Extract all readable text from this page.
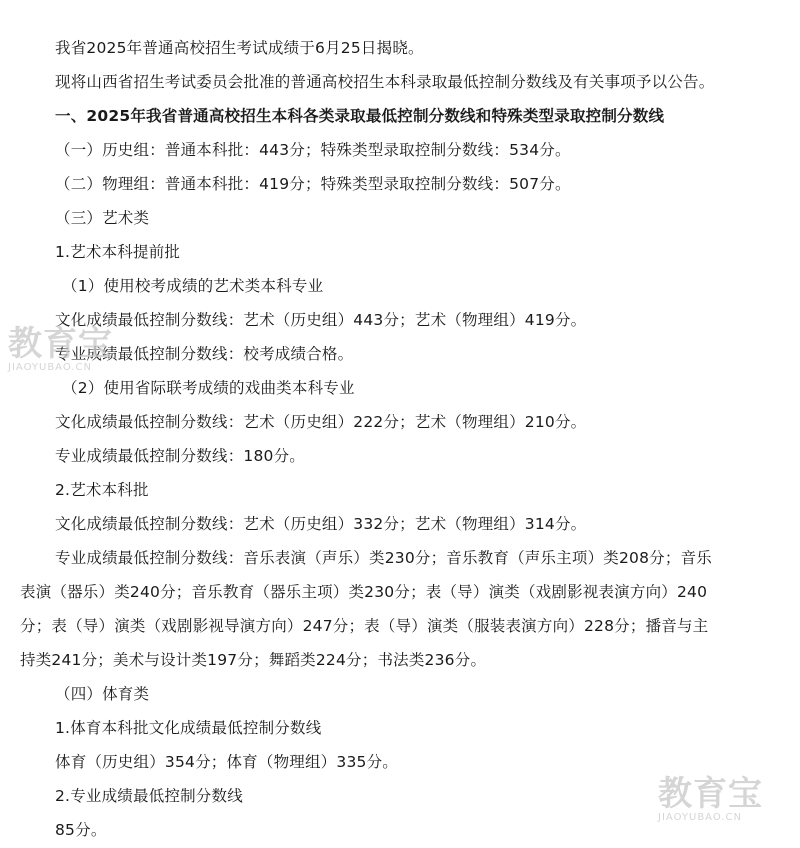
我省2025年普通高校招生考试成绩于6月25日揭晓。
现将山西省招生考试委员会批准的普通高校招生本科录取最低控制分数线及有关事项予以公告。
一、2025年我省普通高校招生本科各类录取最低控制分数线和特殊类型录取控制分数线
（一）历史组：普通本科批：443分；特殊类型录取控制分数线：534分。
（二）物理组：普通本科批：419分；特殊类型录取控制分数线：507分。
（三）艺术类
1.艺术本科提前批
（1）使用校考成绩的艺术类本科专业
文化成绩最低控制分数线：艺术（历史组）443分；艺术（物理组）419分。
专业成绩最低控制分数线：校考成绩合格。
（2）使用省际联考成绩的戏曲类本科专业
文化成绩最低控制分数线：艺术（历史组）222分；艺术（物理组）210分。
专业成绩最低控制分数线：180分。
2.艺术本科批
文化成绩最低控制分数线：艺术（历史组）332分；艺术（物理组）314分。
专业成绩最低控制分数线：音乐表演（声乐）类230分；音乐教育（声乐主项）类208分；音乐
表演（器乐）类240分；音乐教育（器乐主项）类230分；表（导）演类（戏剧影视表演方向）240
分；表（导）演类（戏剧影视导演方向）247分；表（导）演类（服装表演方向）228分；播音与主
持类241分；美术与设计类197分；舞蹈类224分；书法类236分。
（四）体育类
1.体育本科批文化成绩最低控制分数线
体育（历史组）354分；体育（物理组）335分。
2.专业成绩最低控制分数线
85分。
教育宝
JIAOYUBAO.CN
教育宝
JIAOYUBAO.CN
